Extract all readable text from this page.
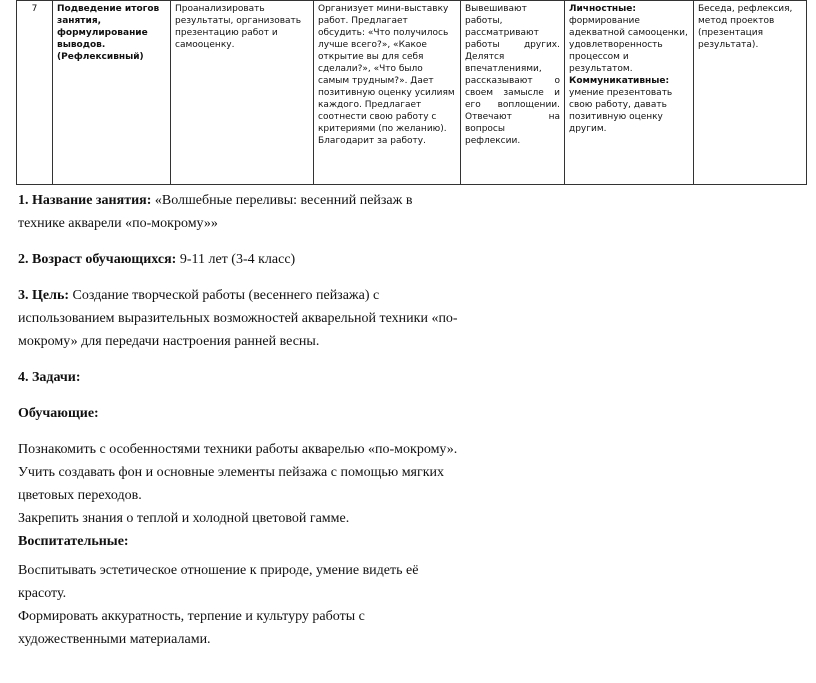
7	Подведение итогов занятия, формулирование выводов.(Рефлексивный)	Проанализировать результаты, организовать презентацию работ и самооценку.	Организует мини-выставку работ. Предлагает обсудить: «Что получилось лучше всего?», «Какое открытие вы для себя сделали?», «Что было самым трудным?». Дает позитивную оценку усилиям каждого. Предлагает соотнести свою работу с критериями (по желанию). Благодарит за работу.	Вывешивают работы, рассматривают работы других. Делятся впечатлениями, рассказывают о своем замысле и его воплощении. Отвечают на вопросы рефлексии.	Личностные: формирование адекватной самооценки, удовлетворенность процессом и результатом. Коммуникативные: умение презентовать свою работу, давать позитивную оценку другим.	Беседа, рефлексия, метод проектов (презентация результата).

1. Название занятия: «Волшебные переливы: весенний пейзаж в технике акварели «по-мокрому»»

2. Возраст обучающихся: 9-11 лет (3-4 класс)

3. Цель: Создание творческой работы (весеннего пейзажа) с использованием выразительных возможностей акварельной техники «по-мокрому» для передачи настроения ранней весны.

4. Задачи:

Обучающие:

Познакомить с особенностями техники работы акварелью «по-мокрому».

Учить создавать фон и основные элементы пейзажа с помощью мягких цветовых переходов.

Закрепить знания о теплой и холодной цветовой гамме.

Воспитательные:

Воспитывать эстетическое отношение к природе, умение видеть её красоту.

Формировать аккуратность, терпение и культуру работы с художественными материалами.
